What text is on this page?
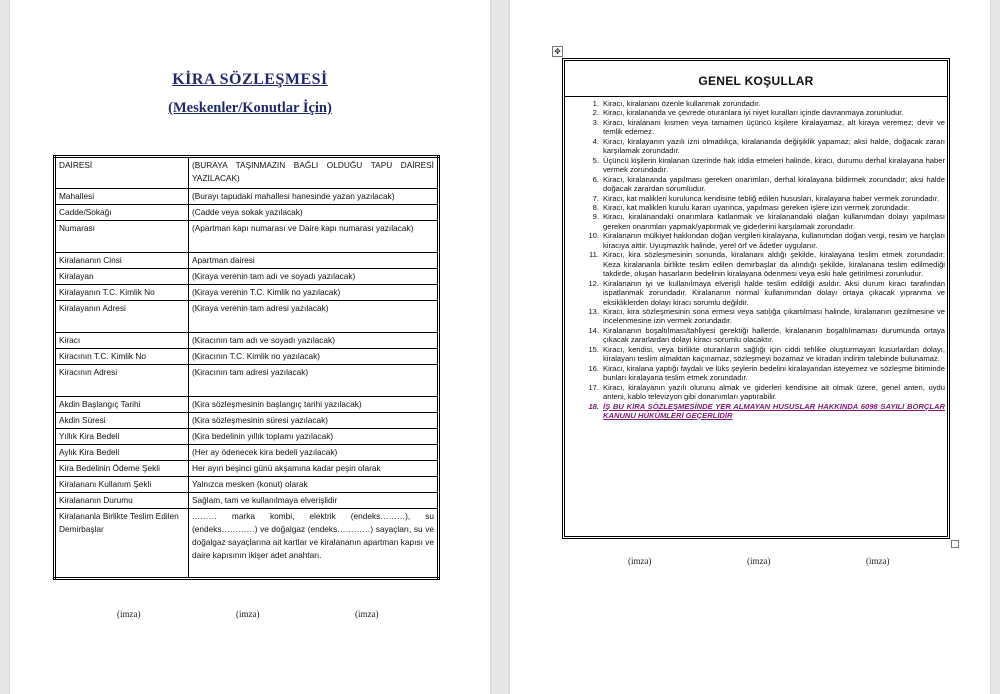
KİRA SÖZLEŞMESİ
(Meskenler/Konutlar İçin)
DAİRESİ	(BURAYA TAŞINMAZIN BAĞLI OLDUĞU TAPU DAİRESİ YAZILACAK)
Mahallesi	(Burayı tapudaki mahallesi hanesinde yazan yazılacak)
Cadde/Sokağı	(Cadde veya sokak yazılacak)
Numarası	(Apartman kapı numarası ve Daire kapı numarası yazılacak)
Kiralananın Cinsi	Apartman dairesi
Kiralayan	(Kiraya verenin tam adı ve soyadı yazılacak)
Kiralayanın T.C. Kimlik No	(Kiraya verenin T.C. Kimlik no yazılacak)
Kiralayanın Adresi	(Kiraya verenin tam adresi yazılacak)
Kiracı	(Kiracının tam adı ve soyadı yazılacak)
Kiracının T.C. Kimlik No	(Kiracının T.C. Kimlik no yazılacak)
Kiracının Adresi	(Kiracının tam adresi yazılacak)
Akdin Başlangıç Tarihi	(Kira sözleşmesinin başlangıç tarihi yazılacak)
Akdin Süresi	(Kira sözleşmesinin süresi yazılacak)
Yıllık Kira Bedeli	(Kira bedelinin yıllık toplamı yazılacak)
Aylık Kira Bedeli	(Her ay ödenecek kira bedeli yazılacak)
Kira Bedelinin Ödeme Şekli	Her ayın beşinci günü akşamına kadar peşin olarak
Kiralananı Kullanım Şekli	Yalnızca mesken (konut) olarak
Kiralananın Durumu	Sağlam, tam ve kullanılmaya elverişlidir
Kiralananla Birlikte Teslim Edilen Demirbaşlar	……… marka kombi, elektrik (endeks………), su (endeks…………) ve doğalgaz (endeks…………) sayaçları, su ve doğalgaz sayaçlarına ait kartlar ve kiralananın apartman kapısı ve daire kapısının ikişer adet anahtarı.
(imza)	(imza)	(imza)
✥
GENEL KOŞULLAR
1. Kiracı, kiralananı özenle kullanmak zorundadır.
2. Kiracı, kiralananda ve çevrede oturanlara iyi niyet kuralları içinde davranmaya zorunludur.
3. Kiracı, kiralananı kısmen veya tamamen üçüncü kişilere kiralayamaz, alt kiraya veremez; devir ve temlik edemez.
4. Kiracı, kiralayanın yazılı izni olmadıkça, kiralananda değişiklik yapamaz; aksi halde, doğacak zararı karşılamak zorundadır.
5. Üçüncü kişilerin kiralanan üzerinde hak iddia etmeleri halinde, kiracı, durumu derhal kiralayana haber vermek zorundadır.
6. Kiracı, kiralananda yapılması gereken onarımları, derhal kiralayana bildirmek zorundadır; aksi halde doğacak zarardan sorumludur.
7. Kiracı, kat malikleri kurulunca kendisine tebliğ edilen hususları, kiralayana haber vermek zorundadır.
8. Kiracı, kat malikleri kurulu kararı uyarınca, yapılması gereken işlere izin vermek zorundadır.
9. Kiracı, kiralanandaki onarımlara katlanmak ve kiralanandaki olağan kullanımdan dolayı yapılması gereken onarımları yapmak/yaptırmak ve giderlerini karşılamak zorundadır.
10. Kiralananın mülkiyet hakkından doğan vergileri kiralayana, kullanımdan doğan vergi, resim ve harçları kiracıya aittir. Uyuşmazlık halinde, yerel örf ve âdetler uygulanır.
11. Kiracı, kira sözleşmesinin sonunda, kiralananı aldığı şekilde, kiralayana teslim etmek zorundadır: Keza kiralananla birlikte teslim edilen demirbaşlar da alındığı şekilde, kiralanana teslim edilmediği takdirde, oluşan hasarların bedelinin kiralayana ödenmesi veya eski hale getirilmesi zorunludur.
12. Kiralananın iyi ve kullanılmaya elverişli halde teslim edildiği asıldır. Aksi durum kiracı tarafından ispatlanmak zorundadır. Kiralananın normal kullanımından dolayı ortaya çıkacak yıpranma ve eksikliklerden dolayı kiracı sorumlu değildir.
13. Kiracı, kira sözleşmesinin sona ermesi veya satılığa çıkartılması halinde, kiralananın gezilmesine ve incelenmesine izin vermek zorundadır.
14. Kiralananın boşaltılması/tahliyesi gerektiği hallerde, kiralananın boşaltılmaması durumunda ortaya çıkacak zararlardan dolayı kiracı sorumlu olacaktır.
15. Kiracı, kendisi, veya birlikte oturanların sağlığı için ciddi tehlike oluşturmayan kusurlardan dolayı, kiralayanı teslim almaktan kaçınamaz, sözleşmeyi bozamaz ve kiradan indirim talebinde bulunamaz.
16. Kiracı, kiralana yaptığı faydalı ve lüks şeylerin bedelini kiralayandan isteyemez ve sözleşme bitiminde bunları kiralayana teslim etmek zorundadır.
17. Kiracı, kiralayanın yazılı olurunu almak ve giderleri kendisine ait olmak üzere, genel anten, uydu anteni, kablo televizyon gibi donanımları yaptırabilir.
18. İŞ BU KİRA SÖZLEŞMESİNDE YER ALMAYAN HUSUSLAR HAKKINDA 6098 SAYILI BORÇLAR KANUNU HÜKÜMLERİ GEÇERLİDİR
(imza)	(imza)	(imza)
